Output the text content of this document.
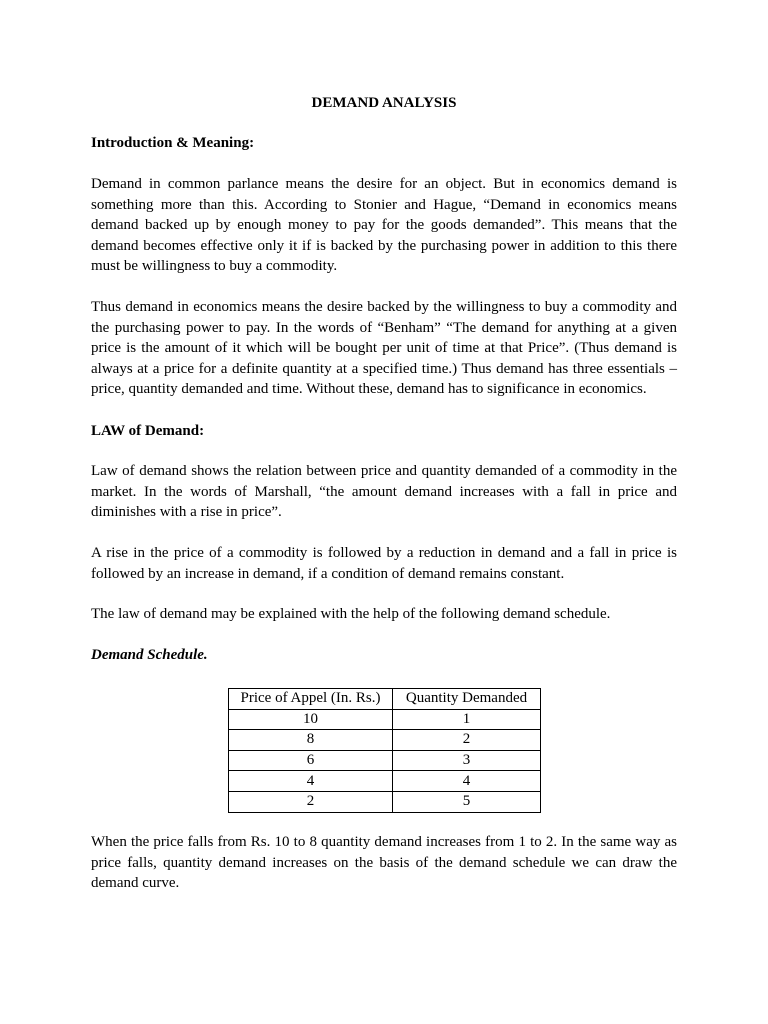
DEMAND ANALYSIS
Introduction & Meaning:

Demand in common parlance means the desire for an object. But in economics demand is something more than this. According to Stonier and Hague, “Demand in economics means demand backed up by enough money to pay for the goods demanded”. This means that the demand becomes effective only it if is backed by the purchasing power in addition to this there must be willingness to buy a commodity.

Thus demand in economics means the desire backed by the willingness to buy a commodity and the purchasing power to pay. In the words of “Benham” “The demand for anything at a given price is the amount of it which will be bought per unit of time at that Price”. (Thus demand is always at a price for a definite quantity at a specified time.) Thus demand has three essentials – price, quantity demanded and time. Without these, demand has to significance in economics.

LAW of Demand:

Law of demand shows the relation between price and quantity demanded of a commodity in the market. In the words of Marshall, “the amount demand increases with a fall in price and diminishes with a rise in price”.

A rise in the price of a commodity is followed by a reduction in demand and a fall in price is followed by an increase in demand, if a condition of demand remains constant.

The law of demand may be explained with the help of the following demand schedule.

Demand Schedule.
Price of Appel (In. Rs.)	Quantity Demanded
10	1
8	2
6	3
4	4
2	5

When the price falls from Rs. 10 to 8 quantity demand increases from 1 to 2. In the same way as price falls, quantity demand increases on the basis of the demand schedule we can draw the demand curve.
